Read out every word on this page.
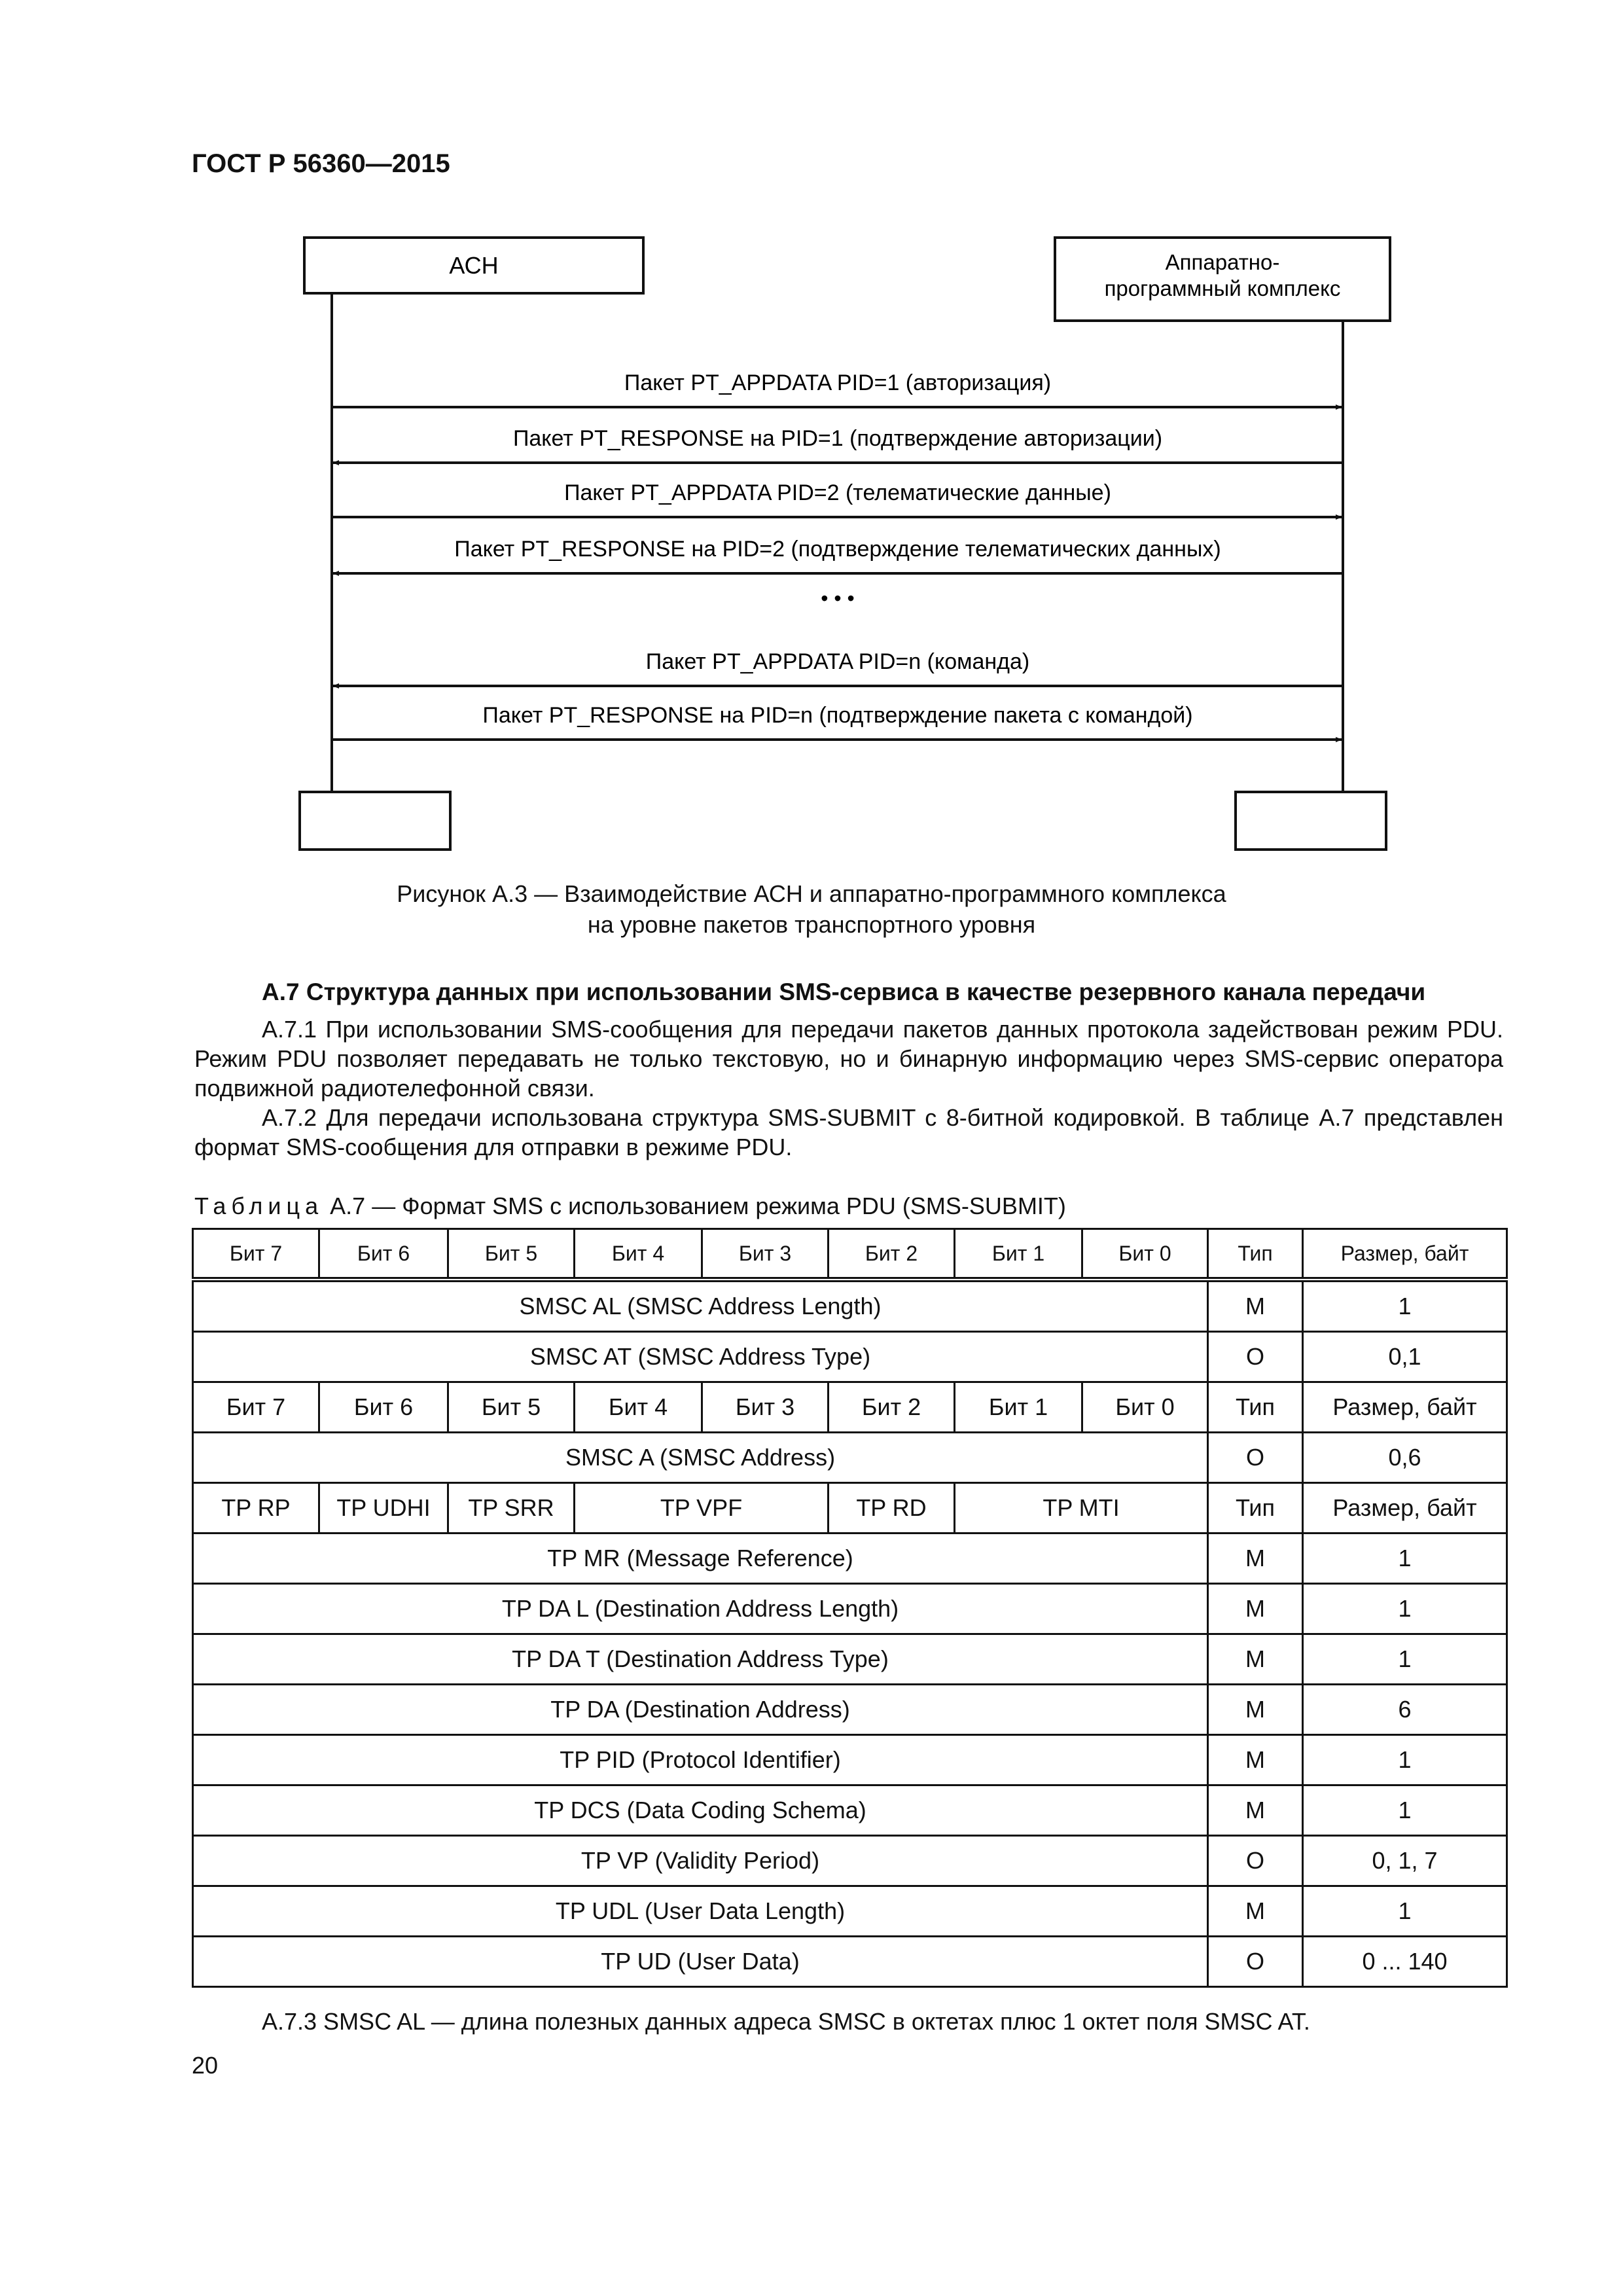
ГОСТ Р 56360—2015
АСН	Аппаратно-
программный комплекс
Пакет PT_APPDATA PID=1 (авторизация)
Пакет PT_RESPONSE на PID=1 (подтверждение авторизации)
Пакет PT_APPDATA PID=2 (телематические данные)
Пакет PT_RESPONSE на PID=2 (подтверждение телематических данных)
Пакет PT_APPDATA PID=n (команда)
Пакет PT_RESPONSE на PID=n (подтверждение пакета с командой)
• • •
Рисунок А.3 — Взаимодействие АСН и аппаратно-программного комплекса
на уровне пакетов транспортного уровня
А.7 Структура данных при использовании SMS-сервиса в качестве резервного канала передачи
А.7.1 При использовании SMS-сообщения для передачи пакетов данных протокола задействован режим PDU. Режим PDU позволяет передавать не только текстовую, но и бинарную информацию через SMS-сервис оператора подвижной радиотелефонной связи.
А.7.2 Для передачи использована структура SMS-SUBMIT с 8-битной кодировкой. В таблице А.7 представлен формат SMS-сообщения для отправки в режиме PDU.
Таблица А.7 — Формат SMS с использованием режима PDU (SMS-SUBMIT)
Бит 7	Бит 6	Бит 5	Бит 4	Бит 3	Бит 2	Бит 1	Бит 0	Тип	Размер, байт
SMSC AL (SMSC Address Length)								М	1
SMSC AT (SMSC Address Type)								О	0,1
Бит 7	Бит 6	Бит 5	Бит 4	Бит 3	Бит 2	Бит 1	Бит 0	Тип	Размер, байт
SMSC A (SMSC Address)								О	0,6
TP RP	TP UDHI	TP SRR	TP VPF		TP RD	TP MTI		Тип	Размер, байт
TP MR (Message Reference)								М	1
TP DA L (Destination Address Length)								М	1
TP DA T (Destination Address Type)								М	1
TP DA (Destination Address)								М	6
TP PID (Protocol Identifier)								М	1
TP DCS (Data Coding Schema)								М	1
TP VP (Validity Period)								О	0, 1, 7
TP UDL (User Data Length)								М	1
TP UD (User Data)								О	0 ... 140
А.7.3 SMSC AL — длина полезных данных адреса SMSC в октетах плюс 1 октет поля SMSC AT.
20
